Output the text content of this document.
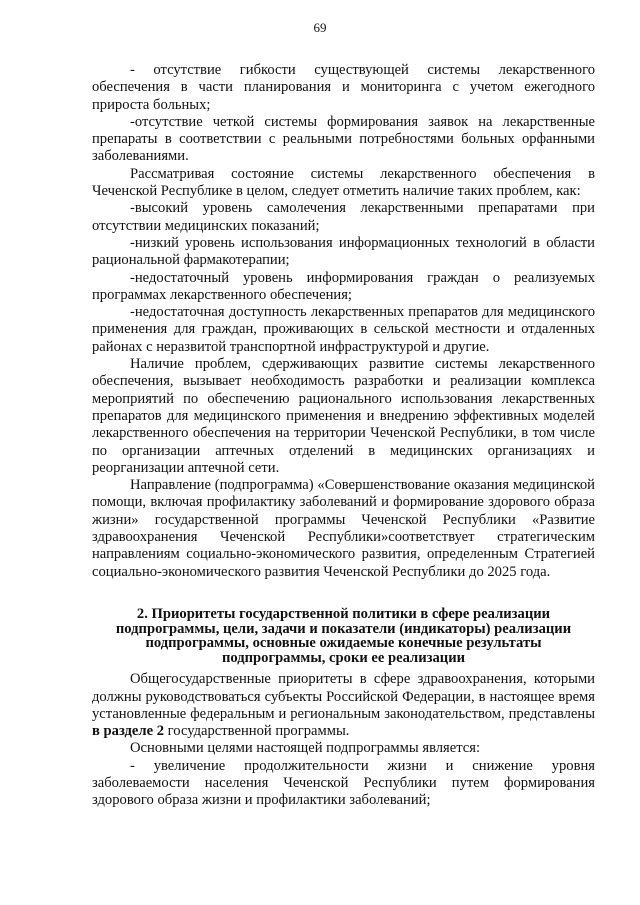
69

- отсутствие гибкости существующей системы лекарственного обеспечения в части планирования и мониторинга с учетом ежегодного прироста больных;

-отсутствие четкой системы формирования заявок на лекарственные препараты в соответствии с реальными потребностями больных орфанными заболеваниями.

Рассматривая состояние системы лекарственного обеспечения в Чеченской Республике в целом, следует отметить наличие таких проблем, как:

-высокий уровень самолечения лекарственными препаратами при отсутствии медицинских показаний;

-низкий уровень использования информационных технологий в области рациональной фармакотерапии;

-недостаточный уровень информирования граждан о реализуемых программах лекарственного обеспечения;

-недостаточная доступность лекарственных препаратов для медицинского применения для граждан, проживающих в сельской местности и отдаленных районах с неразвитой транспортной инфраструктурой и другие.

Наличие проблем, сдерживающих развитие системы лекарственного обеспечения, вызывает необходимость разработки и реализации комплекса мероприятий по обеспечению рационального использования лекарственных препаратов для медицинского применения и внедрению эффективных моделей лекарственного обеспечения на территории Чеченской Республики, в том числе по организации аптечных отделений в медицинских организациях и реорганизации аптечной сети.

Направление (подпрограмма) «Совершенствование оказания медицинской помощи, включая профилактику заболеваний и формирование здорового образа жизни» государственной программы Чеченской Республики «Развитие здравоохранения Чеченской Республики»соответствует стратегическим направлениям социально-экономического развития, определенным Стратегией социально-экономического развития Чеченской Республики до 2025 года.

2. Приоритеты государственной политики в сфере реализации подпрограммы, цели, задачи и показатели (индикаторы) реализации подпрограммы, основные ожидаемые конечные результаты подпрограммы, сроки ее реализации

Общегосударственные приоритеты в сфере здравоохранения, которыми должны руководствоваться субъекты Российской Федерации, в настоящее время установленные федеральным и региональным законодательством, представлены в разделе 2 государственной программы.

Основными целями настоящей подпрограммы является:

- увеличение продолжительности жизни и снижение уровня заболеваемости населения Чеченской Республики путем формирования здорового образа жизни и профилактики заболеваний;
